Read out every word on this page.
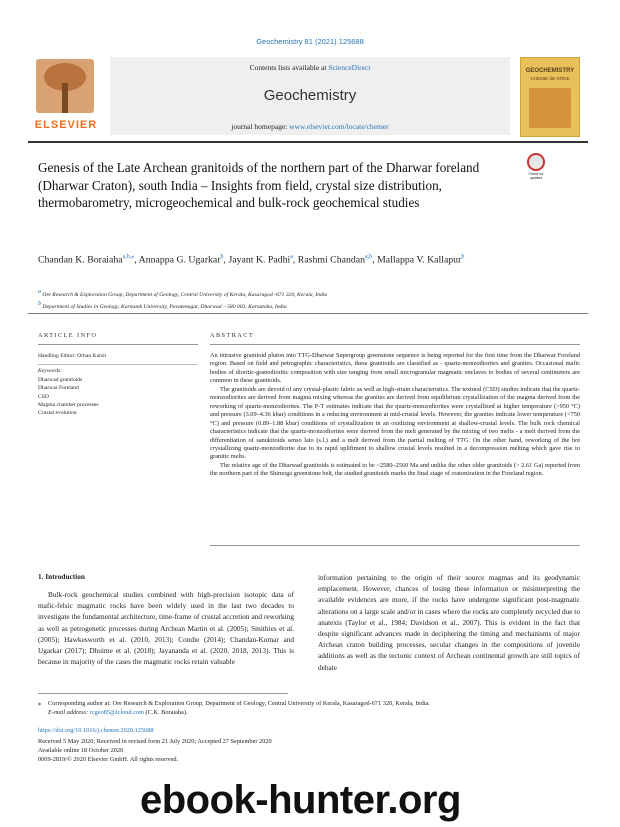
Geochemistry 81 (2021) 125688
ELSEVIER
Contents lists available at ScienceDirect
Geochemistry
journal homepage: www.elsevier.com/locate/chemer
GEOCHEMISTRY
CHEMIE der ERDE
Genesis of the Late Archean granitoids of the northern part of the Dharwar foreland (Dharwar Craton), south India – Insights from field, crystal size distribution, thermobarometry, microgeochemical and bulk-rock geochemical studies
Check for updates
Chandan K. Boraiaha$^{a,b,⁎}$, Annappa G. Ugarkar$^b$, Jayant K. Padhi$^a$, Rashmi Chandan$^{a,b}$, Mallappa V. Kallapur$^b$
$^a$ Ore Research & Exploration Group, Department of Geology, Central University of Kerala, Kasaragod -671 320, Kerala, India
$^b$ Department of Studies in Geology, Karnatak University, Pavatenagar, Dharwad – 580 003, Karnataka, India
ARTICLE INFO
Handling Editor: Orhan Karsli
Keywords:
Dharwad granitoids
Dharwar Foreland
CSD
Magma chamber processes
Crustal evolution
ABSTRACT

An intrusive granitoid pluton into TTG-Dharwar Supergroup greenstone sequence is being reported for the first time from the Dharwar Foreland region. Based on field and petrographic characteristics, these granitoids are classified as - quartz-monzodiorites and granites. Occasional mafic bodies of dioritic-granodioritic composition with size ranging from small microgranular magmatic enclaves to bodies of several centimeters are common in these granitoids.

The granitoids are devoid of any crystal-plastic fabric as well as high-strain characteristics. The textural (CSD) studies indicate that the quartz-monzodiorites are derived from magma mixing whereas the granites are derived from equilibrium crystallization of the magma derived from the reworking of quartz-monzodiorites. The P-T estimates indicate that the quartz-monzodiorites were crystallized at higher temperature (>950 °C) and pressure (3.09–4.36 kbar) conditions in a reducing environment at mid-crustal levels. However, the granites indicate lower temperature (<750 °C) and pressure (0.89–1.88 kbar) conditions of crystallization in an oxidizing environment at shallow-crustal levels. The bulk rock chemical characteristics indicate that the quartz-monzodiorites were derived from the melt generated by the mixing of two melts - a melt derived from the differentiation of sanukitoids senso lato (s.l.) and a melt derived from the partial melting of TTG. On the other hand, reworking of the hot crystallizing quartz-monzodiorite due to its rapid upliftment to shallow crustal levels resulted in a decompression melting which gave rise to granitic melts.

The relative age of the Dharwad granitoids is estimated to be ~2580–2560 Ma and unlike the other older granitoids (> 2.61 Ga) reported from the northern part of the Shimoga greenstone belt, the studied granitoids marks the final stage of cratonization in the Foreland region.

1. Introduction

Bulk-rock geochemical studies combined with high-precision isotopic data of mafic-felsic magmatic rocks have been widely used in the last two decades to investigate the fundamental architecture, time-frame of crustal accretion and reworking as well as petrogenetic processes during Archean Martin et al. (2005); Smithies et al. (2005); Hawkesworth et al. (2010, 2013); Condie (2014); Chandan-Kumar and Ugarkar (2017); Dhuime et al. (2018); Jayananda et al. (2020, 2018, 2013). This is because in majority of the cases the magmatic rocks retain valuable

information pertaining to the origin of their source magmas and its geodynamic emplacement. However, chances of losing these information or misinterpreting the available evidences are more, if the rocks have undergone significant post-magmatic alterations on a large scale and/or in cases where the rocks are completely recycled due to anatexis (Taylor et al., 1984; Davidson et al., 2007). This is evident in the fact that despite significant advances made in deciphering the timing and mechanisms of major Archean craton building processes, secular changes in the compositions of juvenile additions as well as the tectonic context of Archean continental growth are still topics of debate

⁎ Corresponding author at: Ore Research & Exploration Group, Department of Geology, Central University of Kerala, Kasaragod-671 320, Kerala, India.
E-mail address: rcgeo85@icloud.com (C.K. Boraiaha).
https://doi.org/10.1016/j.chemer.2020.125688
Received 5 May 2020; Received in revised form 21 July 2020; Accepted 27 September 2020
Available online 18 October 2020
0009-2819/© 2020 Elsevier GmbH. All rights reserved.
ebook-hunter.org
